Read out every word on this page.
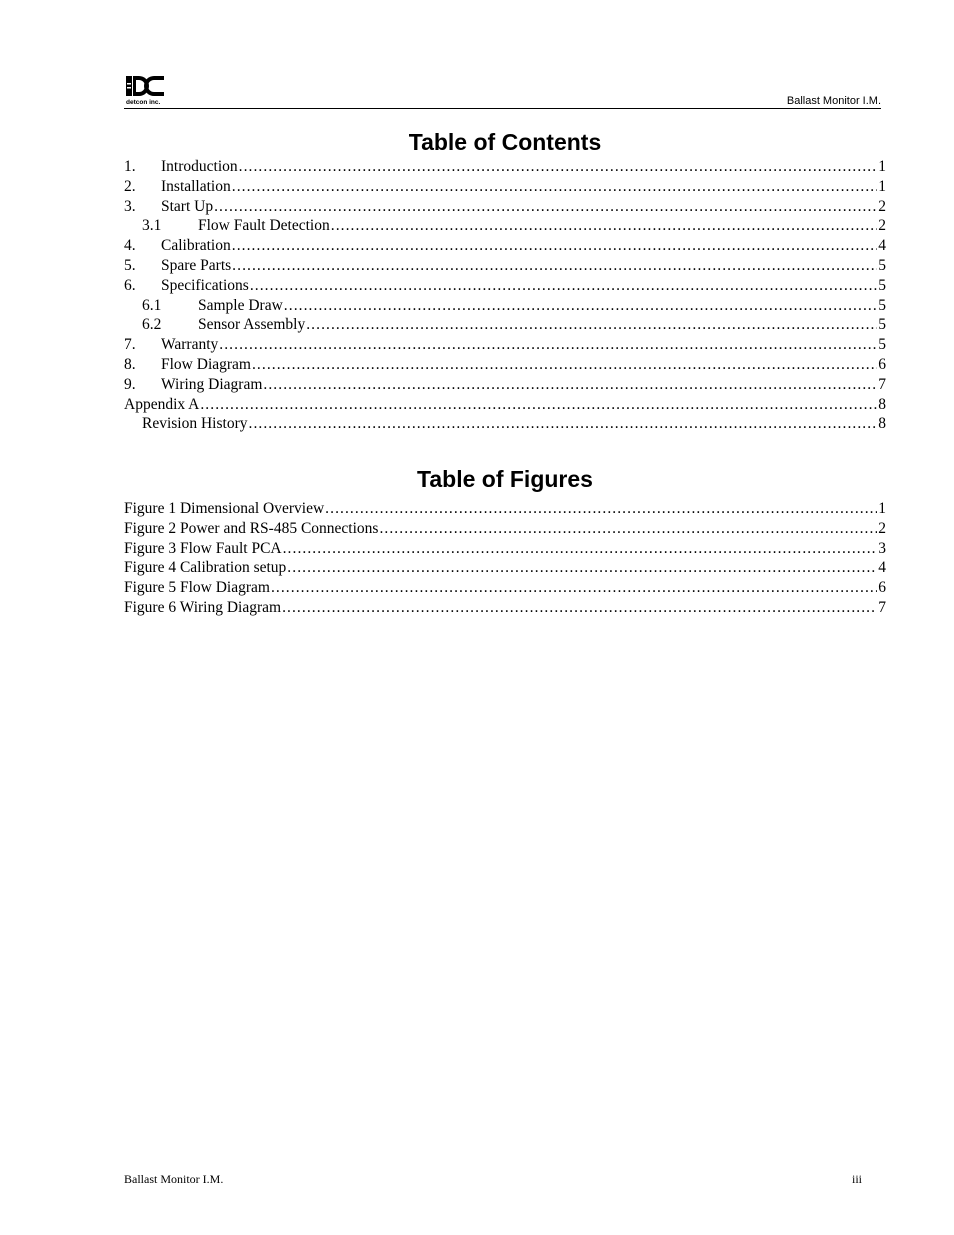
detcon inc.	Ballast Monitor I.M.
Table of Contents
1.	Introduction . . .	1
2.	Installation . . .	1
3.	Start Up . . .	2
3.1	Flow Fault Detection . . .	2
4.	Calibration . . .	4
5.	Spare Parts . . .	5
6.	Specifications . . .	5
6.1	Sample Draw . . .	5
6.2	Sensor Assembly . . .	5
7.	Warranty . . .	5
8.	Flow Diagram . . .	6
9.	Wiring Diagram . . .	7
Appendix A . . .	8
Revision History . . .	8
Table of Figures
Figure 1 Dimensional Overview . . .	1
Figure 2 Power and RS-485 Connections . . .	2
Figure 3 Flow Fault PCA . . .	3
Figure 4 Calibration setup . . .	4
Figure 5 Flow Diagram . . .	6
Figure 6 Wiring Diagram . . .	7
Ballast Monitor I.M.	iii
